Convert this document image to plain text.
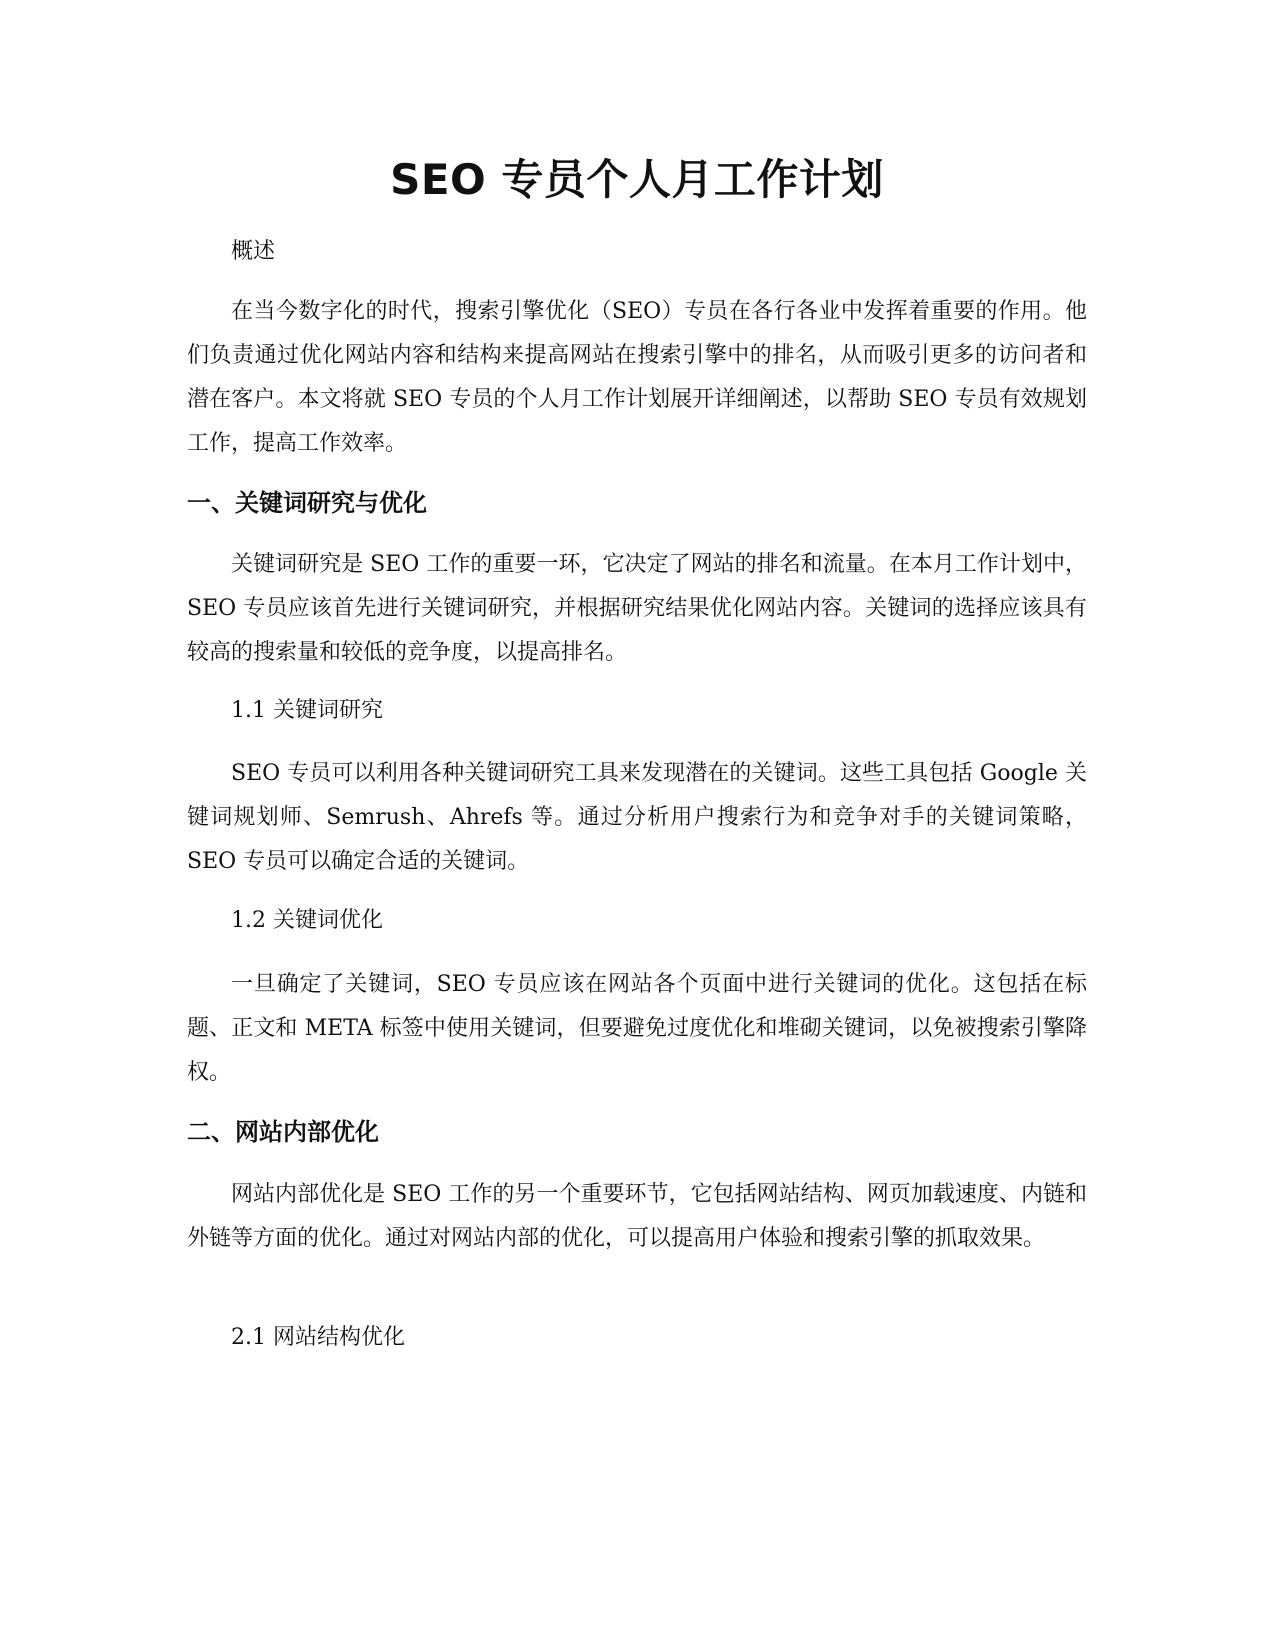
SEO 专员个人月工作计划

概述

在当今数字化的时代，搜索引擎优化（SEO）专员在各行各业中发挥着重要的作用。他们负责通过优化网站内容和结构来提高网站在搜索引擎中的排名，从而吸引更多的访问者和潜在客户。本文将就 SEO 专员的个人月工作计划展开详细阐述，以帮助 SEO 专员有效规划工作，提高工作效率。

一、关键词研究与优化

关键词研究是 SEO 工作的重要一环，它决定了网站的排名和流量。在本月工作计划中，SEO 专员应该首先进行关键词研究，并根据研究结果优化网站内容。关键词的选择应该具有较高的搜索量和较低的竞争度，以提高排名。

1.1 关键词研究

SEO 专员可以利用各种关键词研究工具来发现潜在的关键词。这些工具包括 Google 关键词规划师、Semrush、Ahrefs 等。通过分析用户搜索行为和竞争对手的关键词策略，SEO 专员可以确定合适的关键词。

1.2 关键词优化

一旦确定了关键词，SEO 专员应该在网站各个页面中进行关键词的优化。这包括在标题、正文和 META 标签中使用关键词，但要避免过度优化和堆砌关键词，以免被搜索引擎降权。

二、网站内部优化

网站内部优化是 SEO 工作的另一个重要环节，它包括网站结构、网页加载速度、内链和外链等方面的优化。通过对网站内部的优化，可以提高用户体验和搜索引擎的抓取效果。

2.1 网站结构优化
